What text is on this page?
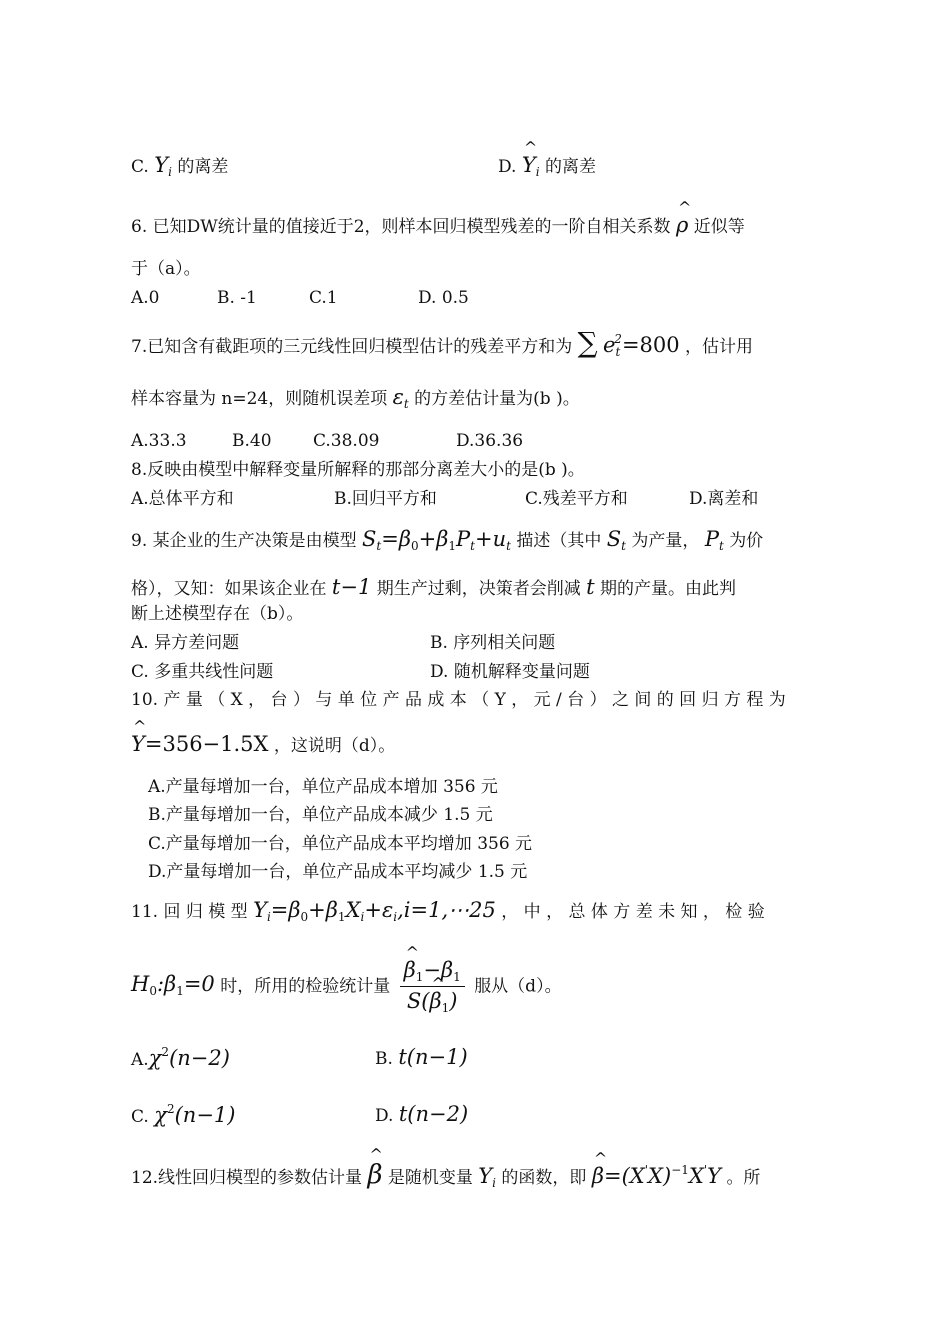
C. $Y_i$ 的离差	D. ^ $Y_i$ 的离差
6. 已知DW统计量的值接近于2，则样本回归模型残差的一阶自相关系数 ^ ρ 近似等
于（a）。
A.0	B. -1	C.1	D. 0.5
7.已知含有截距项的三元线性回归模型估计的残差平方和为 ∑ $e_t^2=800$ ，估计用
样本容量为 n=24，则随机误差项 $\varepsilon_t$ 的方差估计量为(b )。
A.33.3	B.40 C.38.09	D.36.36
8.反映由模型中解释变量所解释的那部分离差大小的是(b )。
A.总体平方和	B.回归平方和	C.残差平方和	D.离差和
9. 某企业的生产决策是由模型 $S_t=\beta_0+\beta_1P_t+u_t$ 描述（其中 $S_t$ 为产量， $P_t$ 为价
格），又知：如果该企业在 t−1 期生产过剩，决策者会削减 t 期的产量。由此判
断上述模型存在（b）。
A. 异方差问题	B. 序列相关问题
C. 多重共线性问题	D. 随机解释变量问题
10. 产 量 （ X ， 台 ） 与 单 位 产 品 成 本 （ Y ， 元 / 台 ） 之 间 的 回 归 方 程 为
^ Y=356−1.5X ，这说明（d）。
A.产量每增加一台，单位产品成本增加 356 元
B.产量每增加一台，单位产品成本减少 1.5 元
C.产量每增加一台，单位产品成本平均增加 356 元
D.产量每增加一台，单位产品成本平均减少 1.5 元
11. 回 归 模 型 $Y_i=\beta_0+\beta_1X_i+\varepsilon_i,i=1,\cdots 25$ ， 中 ， 总 体 方 差 未 知 ， 检 验
$H_0:\beta_1=0$ 时，所用的检验统计量 ^ $\frac{\beta_1-\beta_1}{S(\^{} \beta_1)}$ 服从（d）。
$A.\chi^2(n-2)$	B. t(n−1)
C. $\chi^2(n-1)$	D. t(n−2)
12.线性回归模型的参数估计量 ^ β 是随机变量 $Y_i$ 的函数，即 ^ $\beta=(X'X)^{-1}X'Y$ 。所
